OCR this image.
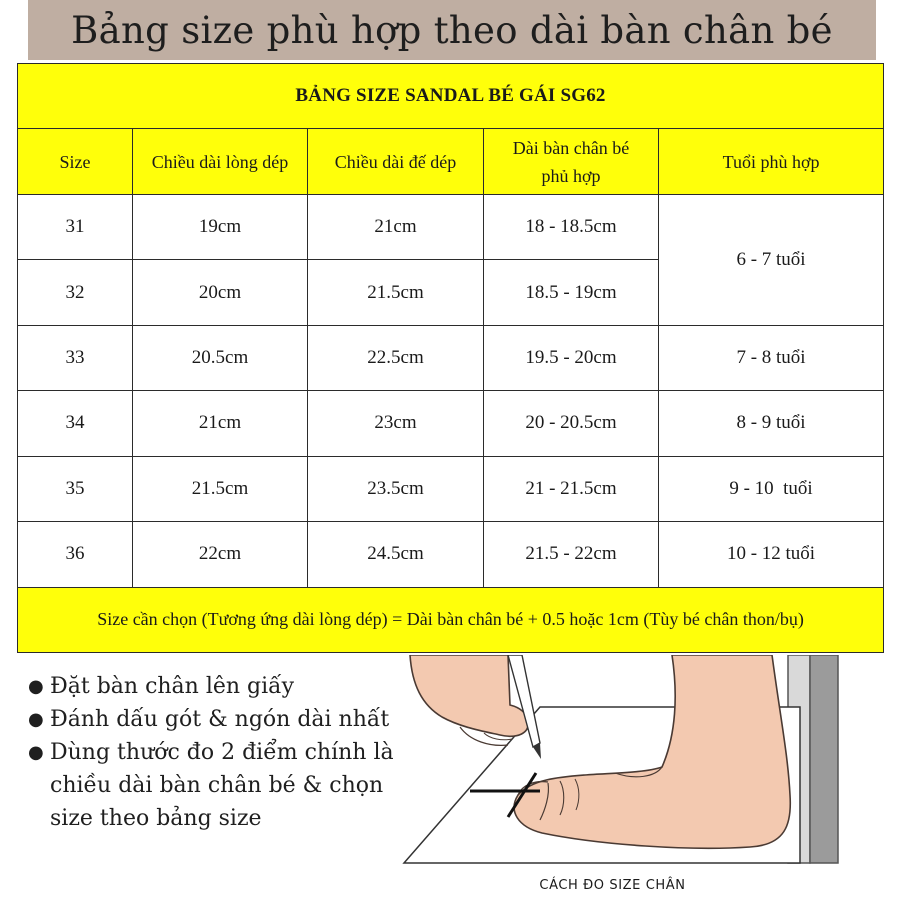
Bảng size phù hợp theo dài bàn chân bé
BẢNG SIZE SANDAL BÉ GÁI SG62				
Size	Chiều dài lòng dép	Chiều dài đế dép	Dài bàn chân bé phủ hợp	Tuổi phù hợp
31	19cm	21cm	18 - 18.5cm	6 - 7 tuổi
32	20cm	21.5cm	18.5 - 19cm	
33	20.5cm	22.5cm	19.5 - 20cm	7 - 8 tuổi
34	21cm	23cm	20 - 20.5cm	8 - 9 tuổi
35	21.5cm	23.5cm	21 - 21.5cm	9 - 10  tuổi
36	22cm	24.5cm	21.5 - 22cm	10 - 12 tuổi
Size cần chọn (Tương ứng dài lòng dép) = Dài bàn chân bé + 0.5 hoặc 1cm (Tùy bé chân thon/bụ)				
● Đặt bàn chân lên giấy
● Đánh dấu gót & ngón dài nhất
● Dùng thước đo 2 điểm chính là chiều dài bàn chân bé & chọn size theo bảng size
CÁCH ĐO SIZE CHÂN
